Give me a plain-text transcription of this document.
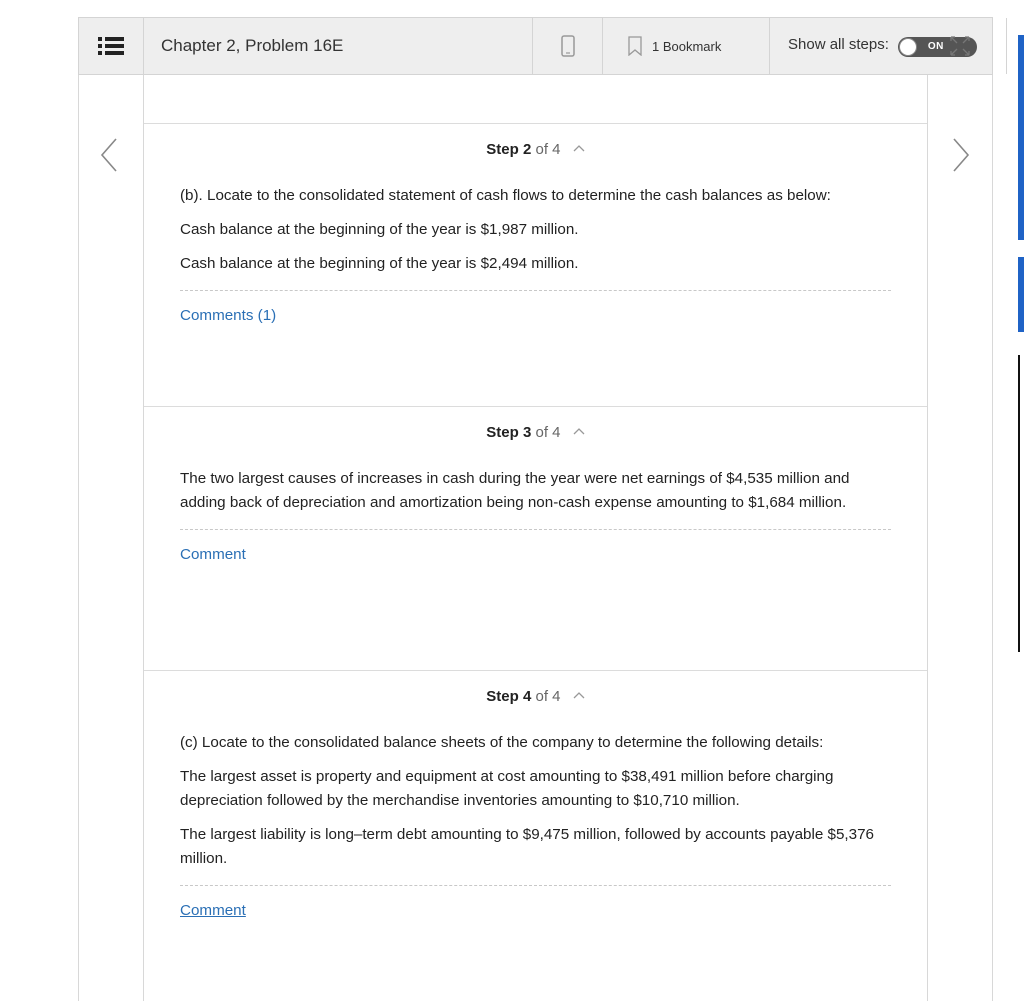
Chapter 2, Problem 16E	1 Bookmark	Show all steps:	ON
Step 2 of 4

(b). Locate to the consolidated statement of cash flows to determine the cash balances as below:

Cash balance at the beginning of the year is $1,987 million.

Cash balance at the beginning of the year is $2,494 million.

Comments (1)
Step 3 of 4

The two largest causes of increases in cash during the year were net earnings of $4,535 million and adding back of depreciation and amortization being non-cash expense amounting to $1,684 million.

Comment
Step 4 of 4

(c) Locate to the consolidated balance sheets of the company to determine the following details:

The largest asset is property and equipment at cost amounting to $38,491 million before charging depreciation followed by the merchandise inventories amounting to $10,710 million.

The largest liability is long–term debt amounting to $9,475 million, followed by accounts payable $5,376 million.

Comment
